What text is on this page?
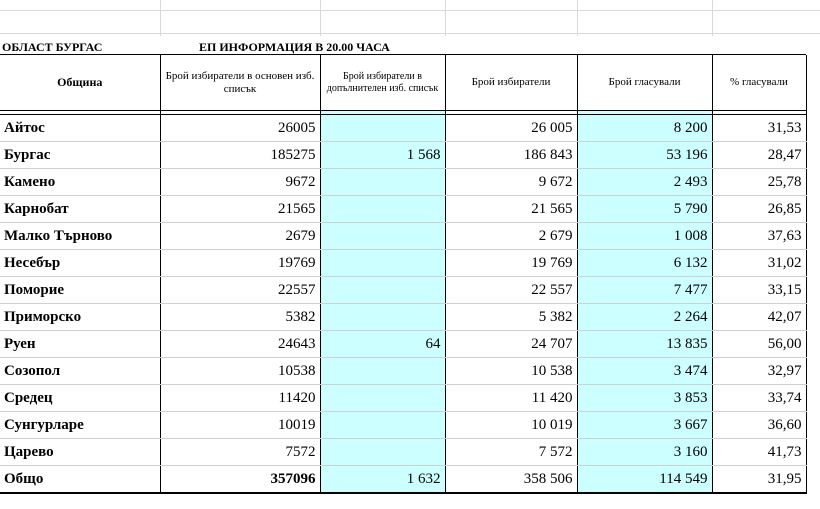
ОБЛАСТ БУРГАС	ЕП ИНФОРМАЦИЯ В 20.00 ЧАСА
Община	Брой избиратели в основен изб. списък	Брой избиратели в допълнителен изб. списък	Брой избиратели	Брой гласували	% гласували

Айтос	26005		26 005	8 200	31,53
Бургас	185275	1 568	186 843	53 196	28,47
Камено	9672		9 672	2 493	25,78
Карнобат	21565		21 565	5 790	26,85
Малко Търново	2679		2 679	1 008	37,63
Несебър	19769		19 769	6 132	31,02
Поморие	22557		22 557	7 477	33,15
Приморско	5382		5 382	2 264	42,07
Руен	24643	64	24 707	13 835	56,00
Созопол	10538		10 538	3 474	32,97
Средец	11420		11 420	3 853	33,74
Сунгурларе	10019		10 019	3 667	36,60
Царево	7572		7 572	3 160	41,73
Общо	357096	1 632	358 506	114 549	31,95
